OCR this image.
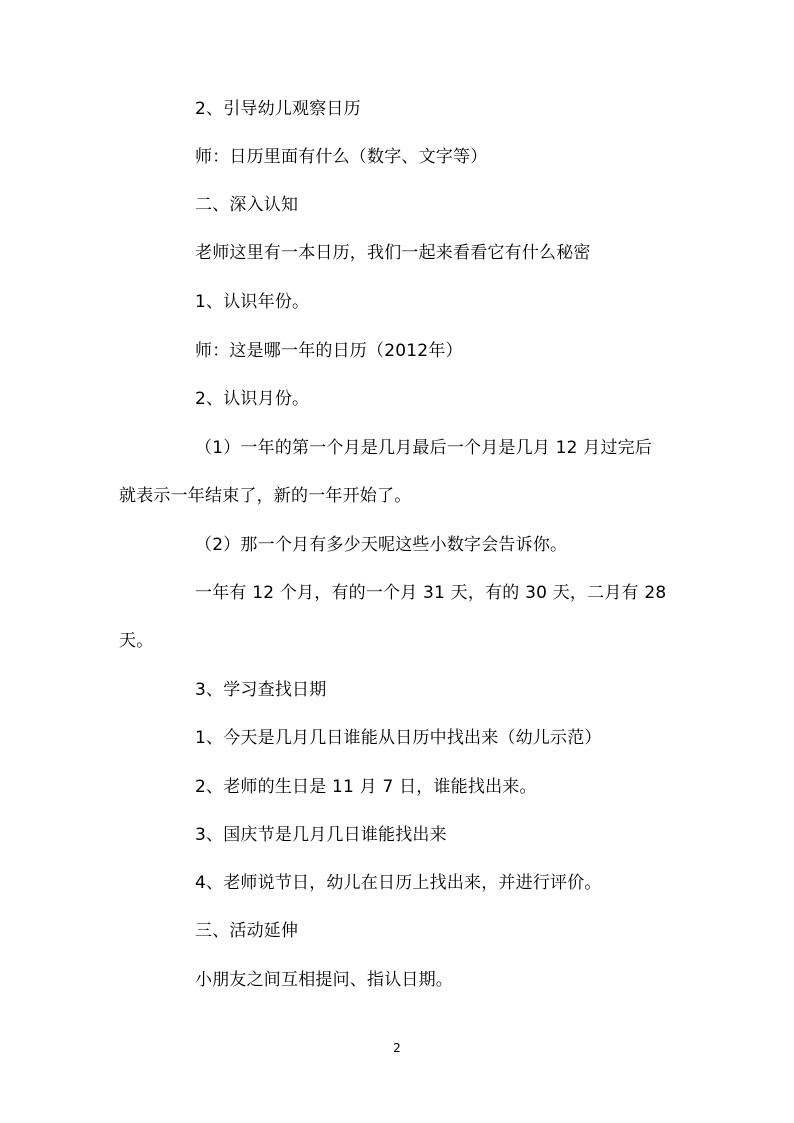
2、引导幼儿观察日历
师：日历里面有什么（数字、文字等）
二、深入认知
老师这里有一本日历，我们一起来看看它有什么秘密
1、认识年份。
师：这是哪一年的日历（2012年）
2、认识月份。
（1）一年的第一个月是几月最后一个月是几月 12 月过完后
就表示一年结束了，新的一年开始了。
（2）那一个月有多少天呢这些小数字会告诉你。
一年有 12 个月，有的一个月 31 天，有的 30 天，二月有 28
天。
3、学习查找日期
1、今天是几月几日谁能从日历中找出来（幼儿示范）
2、老师的生日是 11 月 7 日，谁能找出来。
3、国庆节是几月几日谁能找出来
4、老师说节日，幼儿在日历上找出来，并进行评价。
三、活动延伸
小朋友之间互相提问、指认日期。
2
